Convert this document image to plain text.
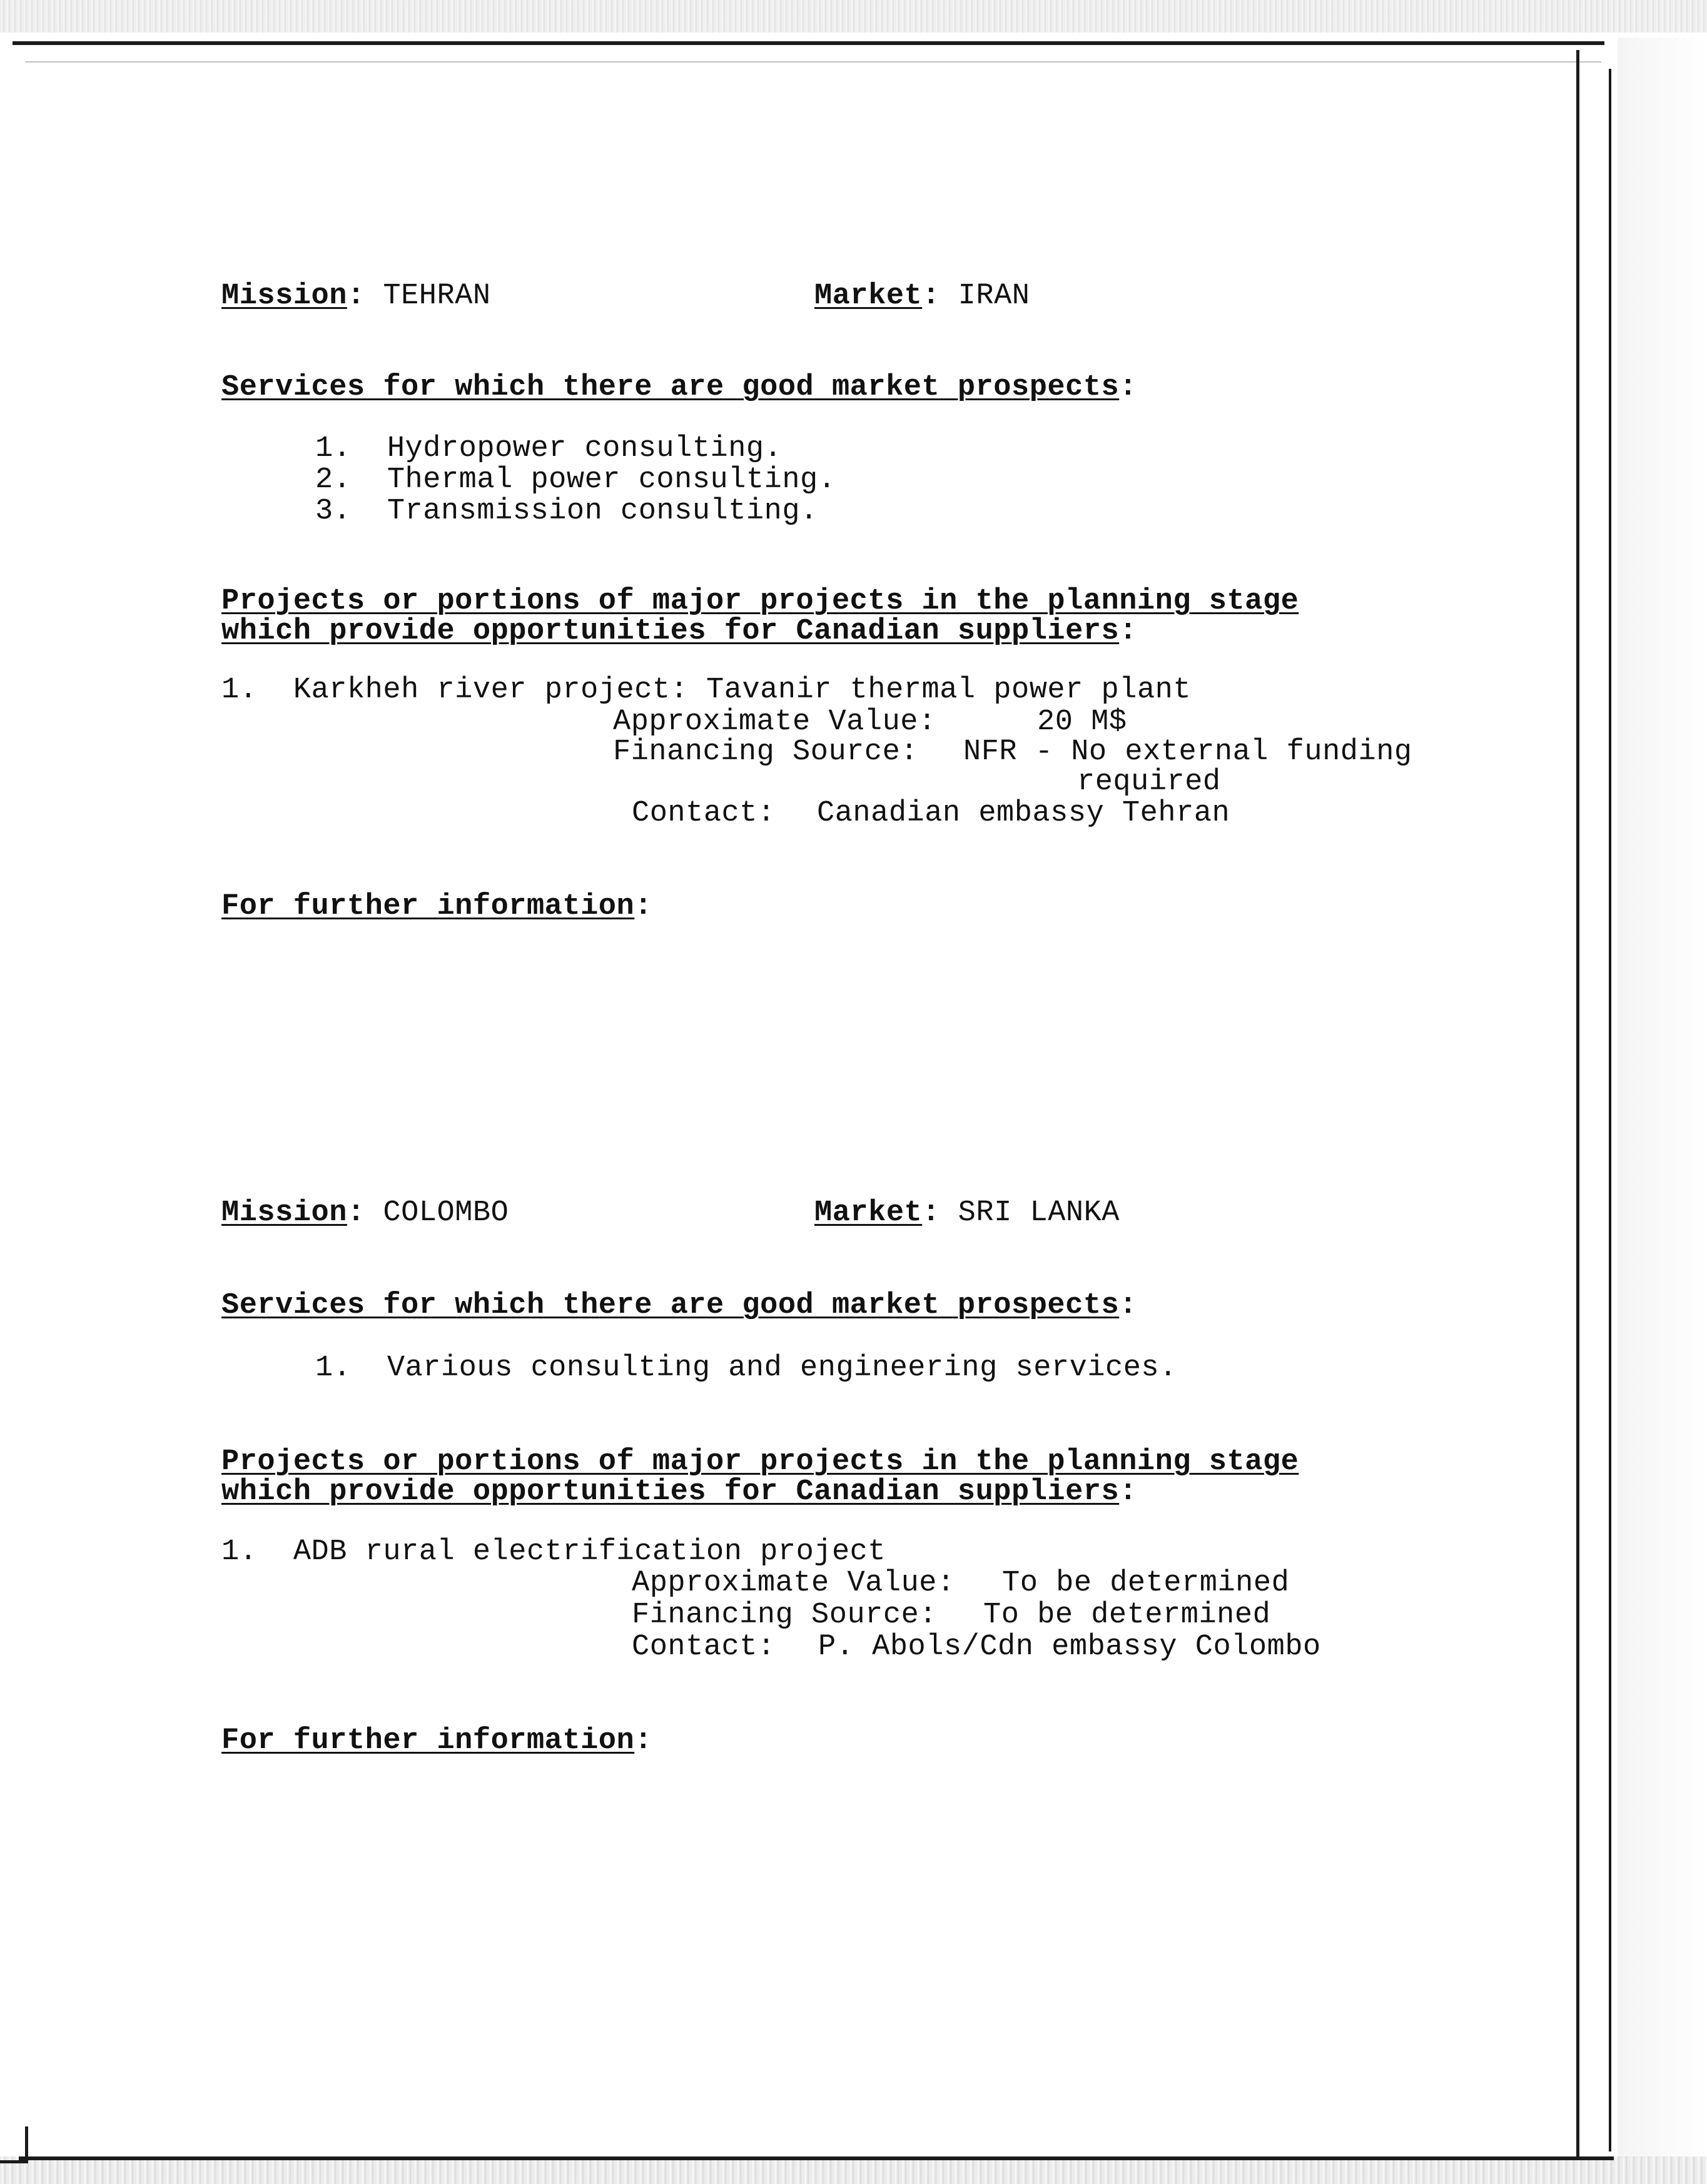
Mission: TEHRAN	Market: IRAN
Services for which there are good market prospects:
1. Hydropower consulting.
2. Thermal power consulting.
3. Transmission consulting.
Projects or portions of major projects in the planning stage
which provide opportunities for Canadian suppliers:
1. Karkheh river project: Tavanir thermal power plant
Approximate Value:	20 M$
Financing Source: NFR - No external funding
required
Contact: Canadian embassy Tehran
For further information:
Mission: COLOMBO	Market: SRI LANKA
Services for which there are good market prospects:
1. Various consulting and engineering services.
Projects or portions of major projects in the planning stage
which provide opportunities for Canadian suppliers:
1. ADB rural electrification project
Approximate Value: To be determined
Financing Source: To be determined
Contact: P. Abols/Cdn embassy Colombo
For further information:
